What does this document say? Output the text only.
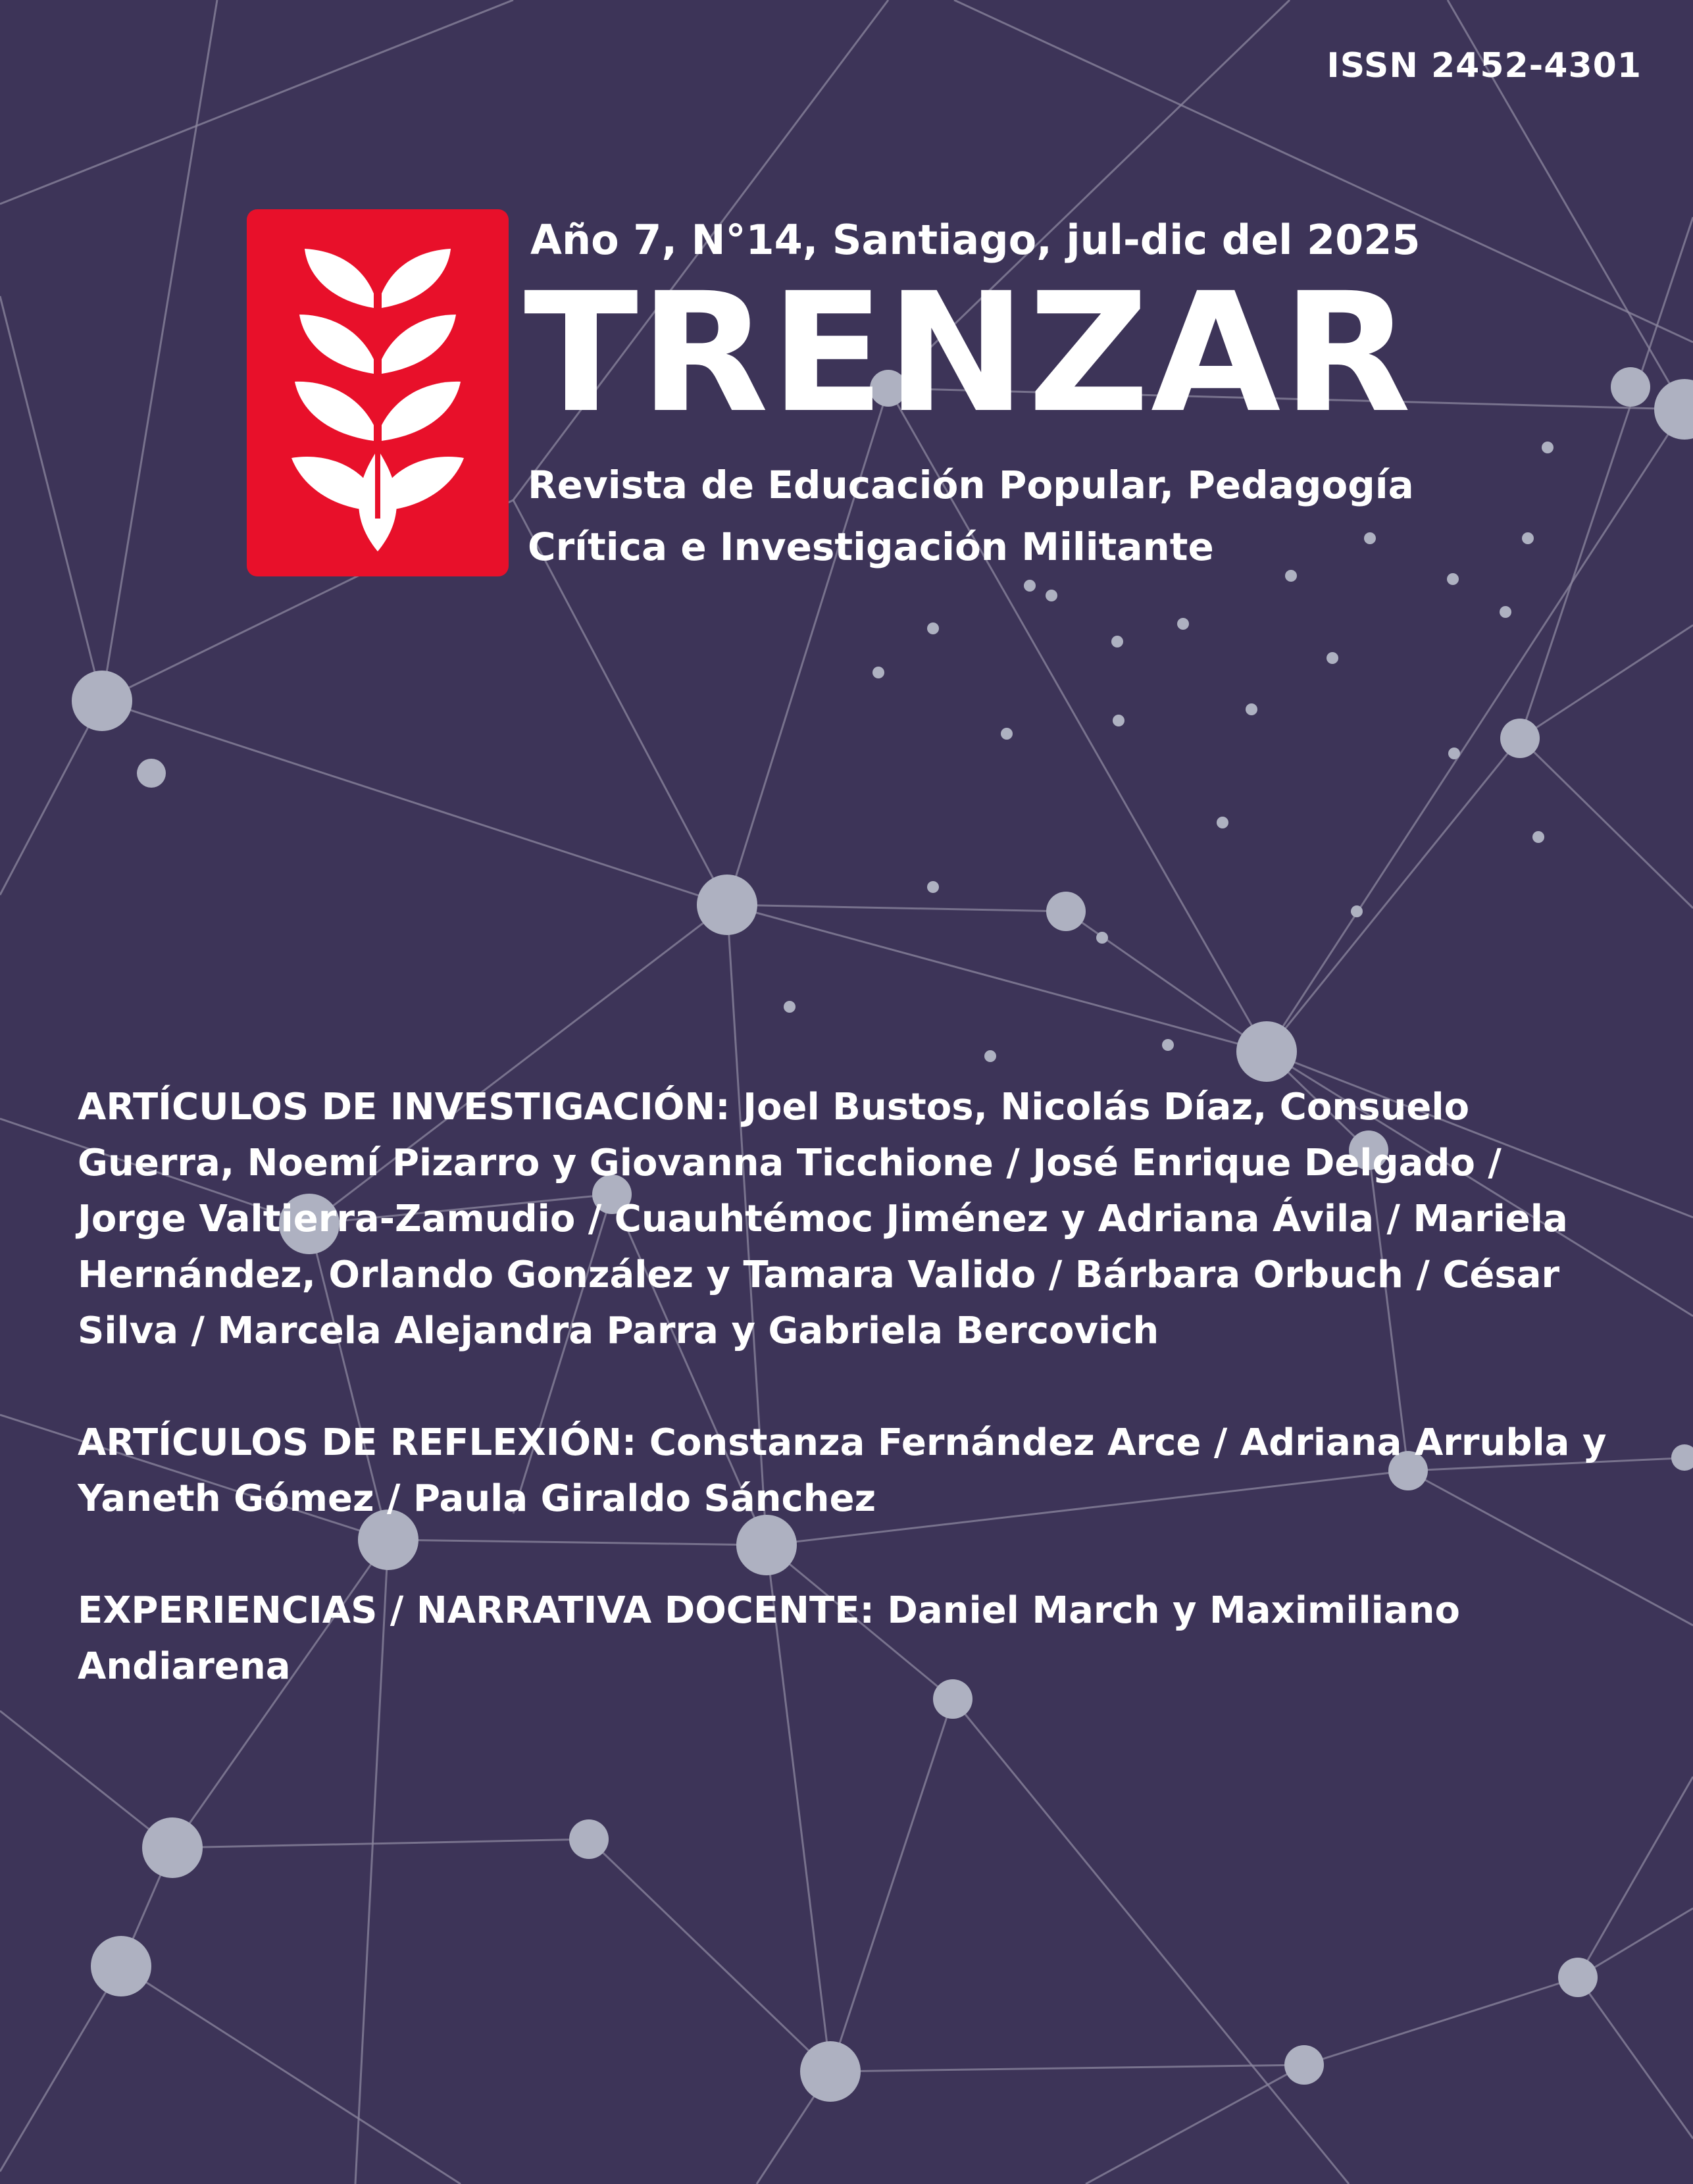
ISSN 2452-4301
Año 7, N°14, Santiago, jul-dic del 2025
TRENZAR
Revista de Educación Popular, Pedagogía
Crítica e Investigación Militante

ARTÍCULOS DE INVESTIGACIÓN: Joel Bustos, Nicolás Díaz, Consuelo Guerra, Noemí Pizarro y Giovanna Ticchione / José Enrique Delgado / Jorge Valtierra-Zamudio / Cuauhtémoc Jiménez y Adriana Ávila / Mariela Hernández, Orlando González y Tamara Valido / Bárbara Orbuch / César Silva / Marcela Alejandra Parra y Gabriela Bercovich

ARTÍCULOS DE REFLEXIÓN: Constanza Fernández Arce / Adriana Arrubla y Yaneth Gómez / Paula Giraldo Sánchez

EXPERIENCIAS / NARRATIVA DOCENTE: Daniel March y Maximiliano Andiarena
